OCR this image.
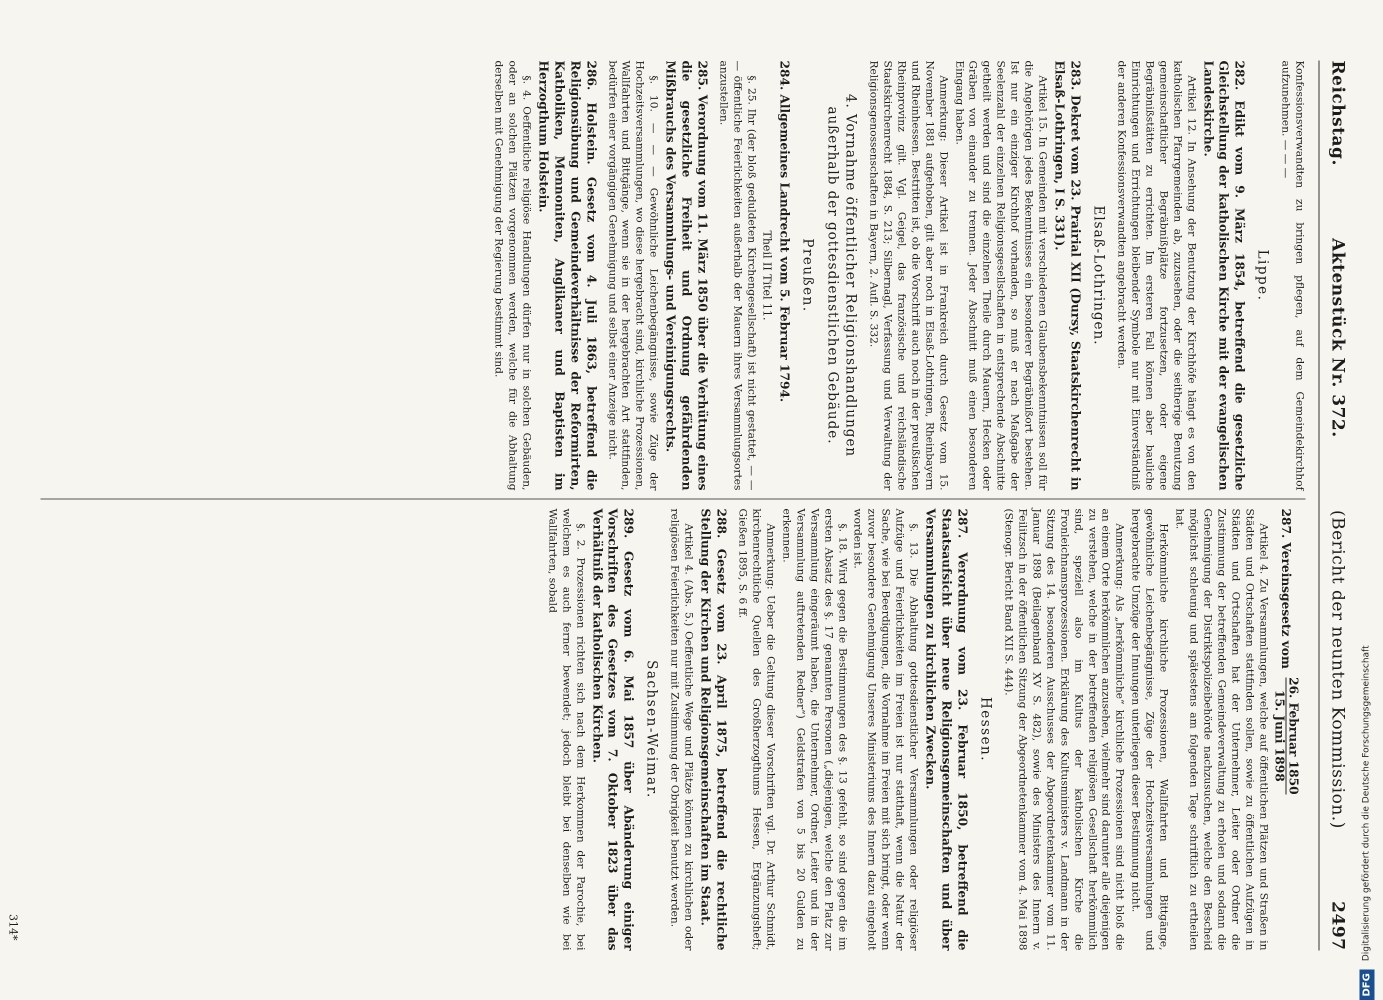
DFG
Digitalisierung gefördert durch die Deutsche Forschungsgemeinschaft
Reichstag.
Aktenstück Nr. 372.
(Bericht der neunten Kommission.)
2497

Konfessionsverwandten zu bringen pflegen, auf dem Gemeindekirchhof aufzunehmen. — — —

Lippe.

282. Edikt vom 9. März 1854, betreffend die gesetzliche Gleichstellung der katholischen Kirche mit der evangelischen Landeskirche.

Artikel 12. In Ansehung der Benutzung der Kirchhöfe hängt es von den katholischen Pfarrgemeinden ab, zuzusehen, oder die seitherige Benutzung gemeinschaftlicher Begräbnißplätze fortzusetzen, oder eigene Begräbnißstätten zu errichten. Im ersteren Fall können aber bauliche Einrichtungen und Errichtungen bleibender Symbole nur mit Einverständniß der anderen Konfessionsverwandten angebracht werden.

Elsaß-Lothringen.

283. Dekret vom 23. Prairial XII (Dursy, Staatskirchenrecht in Elsaß-Lothringen, I S. 331).

Artikel 15. In Gemeinden mit verschiedenen Glaubensbekenntnissen soll für die Angehörigen jedes Bekenntnisses ein besonderer Begräbnißort bestehen. Ist nur ein einziger Kirchhof vorhanden, so muß er nach Maßgabe der Seelenzahl der einzelnen Religionsgesellschaften in entsprechende Abschnitte getheilt werden und sind die einzelnen Theile durch Mauern, Hecken oder Gräben von einander zu trennen. Jeder Abschnitt muß einen besonderen Eingang haben.

Anmerkung: Dieser Artikel ist in Frankreich durch Gesetz vom 15. November 1881 aufgehoben, gilt aber noch in Elsaß-Lothringen, Rheinbayern und Rheinhessen. Bestritten ist, ob die Vorschrift auch noch in der preußischen Rheinprovinz gilt. Vgl. Geigel, das französische und reichsländische Staatskirchenrecht 1884, S. 213; Silbernagl, Verfassung und Verwaltung der Religionsgenossenschaften in Bayern, 2. Aufl. S. 332.

4. Vornahme öffentlicher Religionshandlungen außerhalb der gottesdienstlichen Gebäude.
Preußen.

284. Allgemeines Landrecht vom 5. Februar 1794.

Theil II Titel 11.

§. 25. Ihr (der bloß geduldeten Kirchengesellschaft) ist nicht gestattet, — — — öffentliche Feierlichkeiten außerhalb der Mauern ihres Versammlungsortes anzustellen.

285. Verordnung vom 11. März 1850 über die Verhütung eines die gesetzliche Freiheit und Ordnung gefährdenden Mißbrauchs des Versammlungs- und Vereinigungsrechts.

§. 10. — — — Gewöhnliche Leichenbegängnisse, sowie Züge der Hochzeitsversammlungen, wo diese hergebracht sind, kirchliche Prozessionen, Wallfahrten und Bittgänge, wenn sie in der hergebrachten Art stattfinden, bedürfen einer vorgängigen Genehmigung und selbst einer Anzeige nicht.

286. Holstein. Gesetz vom 4. Juli 1863, betreffend die Religionsübung und Gemeindeverhältnisse der Reformirten, Katholiken, Mennoniten, Anglikaner und Baptisten im Herzogthum Holstein.

§. 4. Oeffentliche religiöse Handlungen dürfen nur in solchen Gebäuden, oder an solchen Plätzen vorgenommen werden, welche für die Abhaltung derselben mit Genehmigung der Regierung bestimmt sind.

287. Vereinsgesetz vom
26. Februar 1850
15. Juni 1898

Artikel 4. Zu Versammlungen, welche auf öffentlichen Plätzen und Straßen in Städten und Ortschaften stattfinden sollen, sowie zu öffentlichen Aufzügen in Städten und Ortschaften hat der Unternehmer, Leiter oder Ordner die Zustimmung der betreffenden Gemeindeverwaltung zu erholen und sodann die Genehmigung der Distriktspolizeibehörde nachzusuchen, welche den Bescheid möglichst schleunig und spätestens am folgenden Tage schriftlich zu ertheilen hat.

Herkömmliche kirchliche Prozessionen, Wallfahrten und Bittgänge, gewöhnliche Leichenbegängnisse, Züge der Hochzeitsversammlungen und hergebrachte Umzüge der Innungen unterliegen dieser Bestimmung nicht.

Anmerkung: Als „herkömmliche“ kirchliche Prozessionen sind nicht bloß die an einem Orte herkömmlichen anzusehen, vielmehr sind darunter alle diejenigen zu verstehen, welche in der betreffenden religiösen Gesellschaft herkömmlich sind, speziell also im Kultus der katholischen Kirche die Fronleichnamsprozessionen. Erklärung des Kultusministers v. Landmann in der Sitzung des 14. besonderen Ausschusses der Abgeordnetenkammer vom 11. Januar 1898 (Beilagenband XV S. 482), sowie des Ministers des Innern v. Feilitzsch in der öffentlichen Sitzung der Abgeordnetenkammer vom 4. Mai 1898 (Stenogr. Bericht Band XII S. 444).

Hessen.

287. Verordnung vom 23. Februar 1850, betreffend die Staatsaufsicht über neue Religionsgemeinschaften und über Versammlungen zu kirchlichen Zwecken.

§. 13. Die Abhaltung gottesdienstlicher Versammlungen oder religiöser Aufzüge und Feierlichkeiten im Freien ist nur statthaft, wenn die Natur der Sache, wie bei Beerdigungen, die Vornahme im Freien mit sich bringt, oder wenn zuvor besondere Genehmigung Unseres Ministeriums des Innern dazu eingeholt worden ist.

§. 18. Wird gegen die Bestimmungen des §. 13 gefehlt, so sind gegen die im ersten Absatz des §. 17 genannten Personen („diejenigen, welche den Platz zur Versammlung eingeräumt haben, die Unternehmer, Ordner, Leiter und in der Versammlung auftretenden Redner“) Geldstrafen von 5 bis 20 Gulden zu erkennen.

Anmerkung: Ueber die Geltung dieser Vorschriften vgl. Dr. Arthur Schmidt, kirchenrechtliche Quellen des Großherzogthums Hessen, Ergänzungsheft; Gießen 1895, S. 6 ff.

288. Gesetz vom 23. April 1875, betreffend die rechtliche Stellung der Kirchen und Religionsgemeinschaften im Staat.

Artikel 4. (Abs. 5.) Oeffentliche Wege und Plätze können zu kirchlichen oder religiösen Feierlichkeiten nur mit Zustimmung der Obrigkeit benutzt werden.

Sachsen-Weimar.

289. Gesetz vom 6. Mai 1857 über Abänderung einiger Vorschriften des Gesetzes vom 7. Oktober 1823 über das Verhältniß der katholischen Kirchen.

§. 2. Prozessionen richten sich nach dem Herkommen der Parochie, bei welchem es auch ferner bewendet; jedoch bleibt bei denselben wie bei Wallfahrten, sobald

314*
